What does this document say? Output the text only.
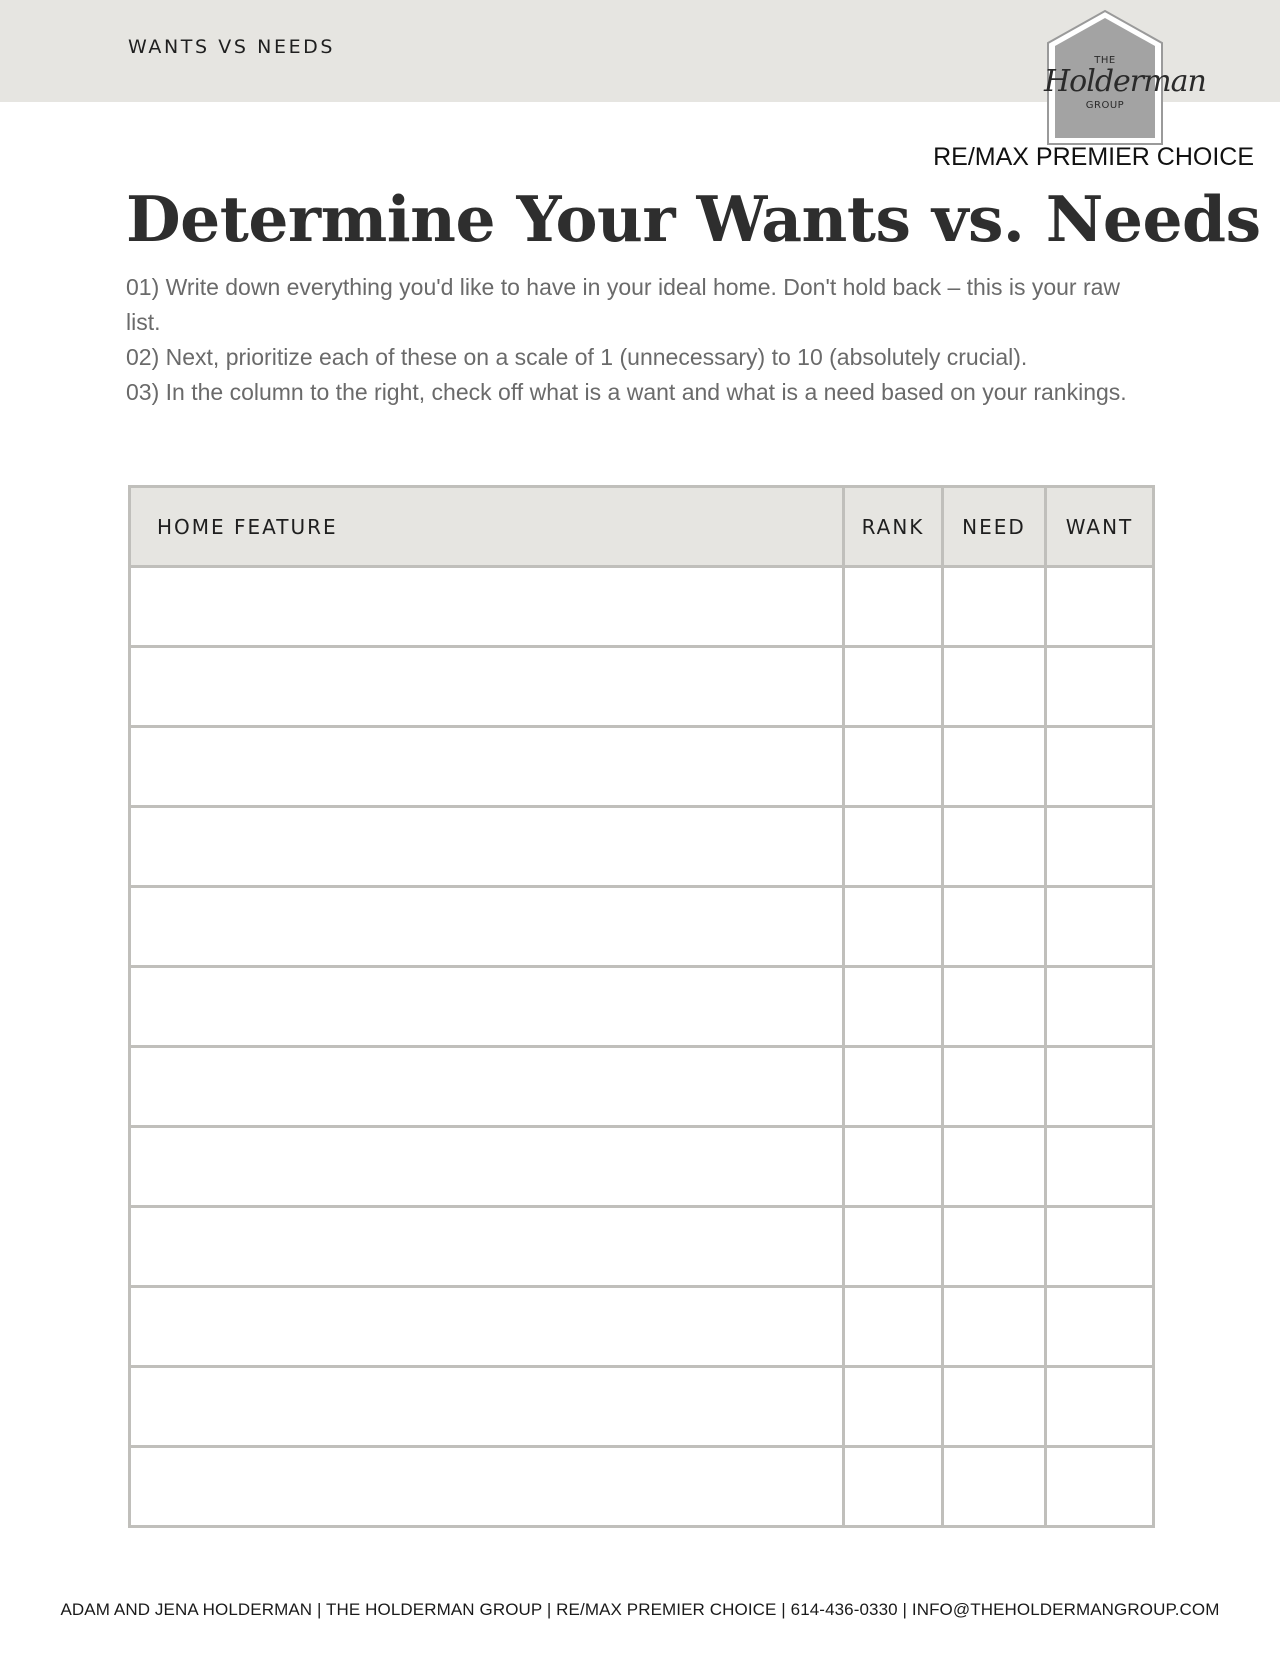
WANTS VS NEEDS
THE
Holderman
GROUP
RE/MAX PREMIER CHOICE
Determine Your Wants vs. Needs

01) Write down everything you'd like to have in your ideal home. Don't hold back – this is your raw list.

02) Next, prioritize each of these on a scale of 1 (unnecessary) to 10 (absolutely crucial).

03) In the column to the right, check off what is a want and what is a need based on your rankings.

HOME FEATURE	RANK	NEED	WANT

ADAM AND JENA HOLDERMAN | THE HOLDERMAN GROUP | RE/MAX PREMIER CHOICE | 614-436-0330 | INFO@THEHOLDERMANGROUP.COM
